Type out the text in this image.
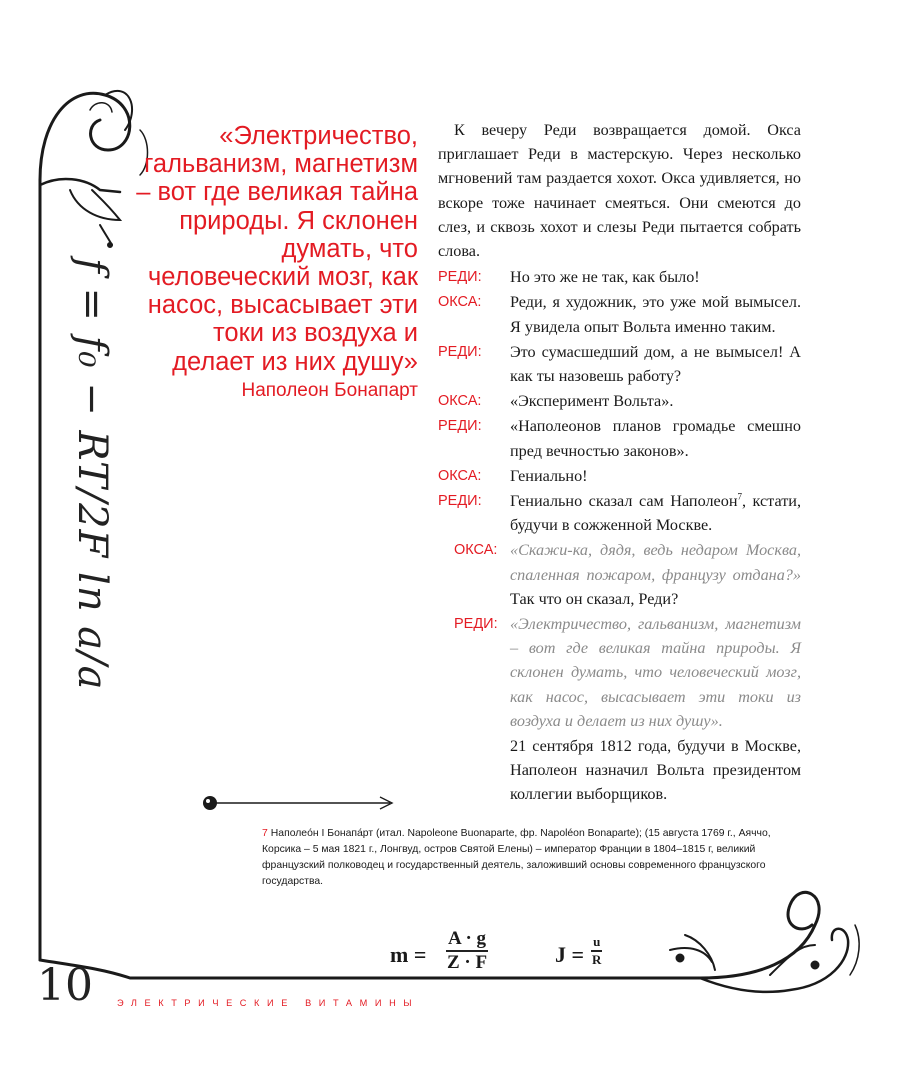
f = f₀ − RT/2F ln a/a

«Электричество, гальванизм, магнетизм – вот где великая тайна природы. Я склонен думать, что человеческий мозг, как насос, высасывает эти токи из воздуха и делает из них душу»

Наполеон Бонапарт

К вечеру Реди возвращается домой. Окса приглашает Реди в мастерскую. Через несколько мгновений там раздается хохот. Окса удивляется, но вскоре тоже начинает смеяться. Они смеются до слез, и сквозь хохот и слезы Реди пытается собрать слова.

РЕДИ:	Но это же не так, как было!
ОКСА:	Реди, я художник, это уже мой вымысел. Я увидела опыт Вольта именно таким.
РЕДИ:	Это сумасшедший дом, а не вымысел! А как ты назовешь работу?
ОКСА:	«Эксперимент Вольта».
РЕДИ:	«Наполеонов планов громадье смешно пред вечностью законов».
ОКСА:	Гениально!
РЕДИ:	Гениально сказал сам Наполеон$^7$, кстати, будучи в сожженной Москве.
ОКСА: «Скажи-ка, дядя, ведь недаром Москва, спаленная пожаром, французу отдана?» Так что он сказал, Реди?
РЕДИ: «Электричество, гальванизм, магнетизм – вот где великая тайна природы. Я склонен думать, что человеческий мозг, как насос, высасывает эти токи из воздуха и делает из них душу».

21 сентября 1812 года, будучи в Москве, Наполеон назначил Вольта президентом коллегии выборщиков.

7 Наполео́н I Бонапа́рт (итал. Napoleone Buonaparte, фр. Napoléon Bonaparte); (15 августа 1769 г., Аяччо, Корсика – 5 мая 1821 г., Лонгвуд, остров Святой Елены) – император Франции в 1804–1815 г, великий французский полководец и государственный деятель, заложивший основы современного французского государства.
$m = \frac{A \cdot g}{Z \cdot F}$	$J = \frac{u}{R}$
10	ЭЛЕКТРИЧЕСКИЕ ВИТАМИНЫ
